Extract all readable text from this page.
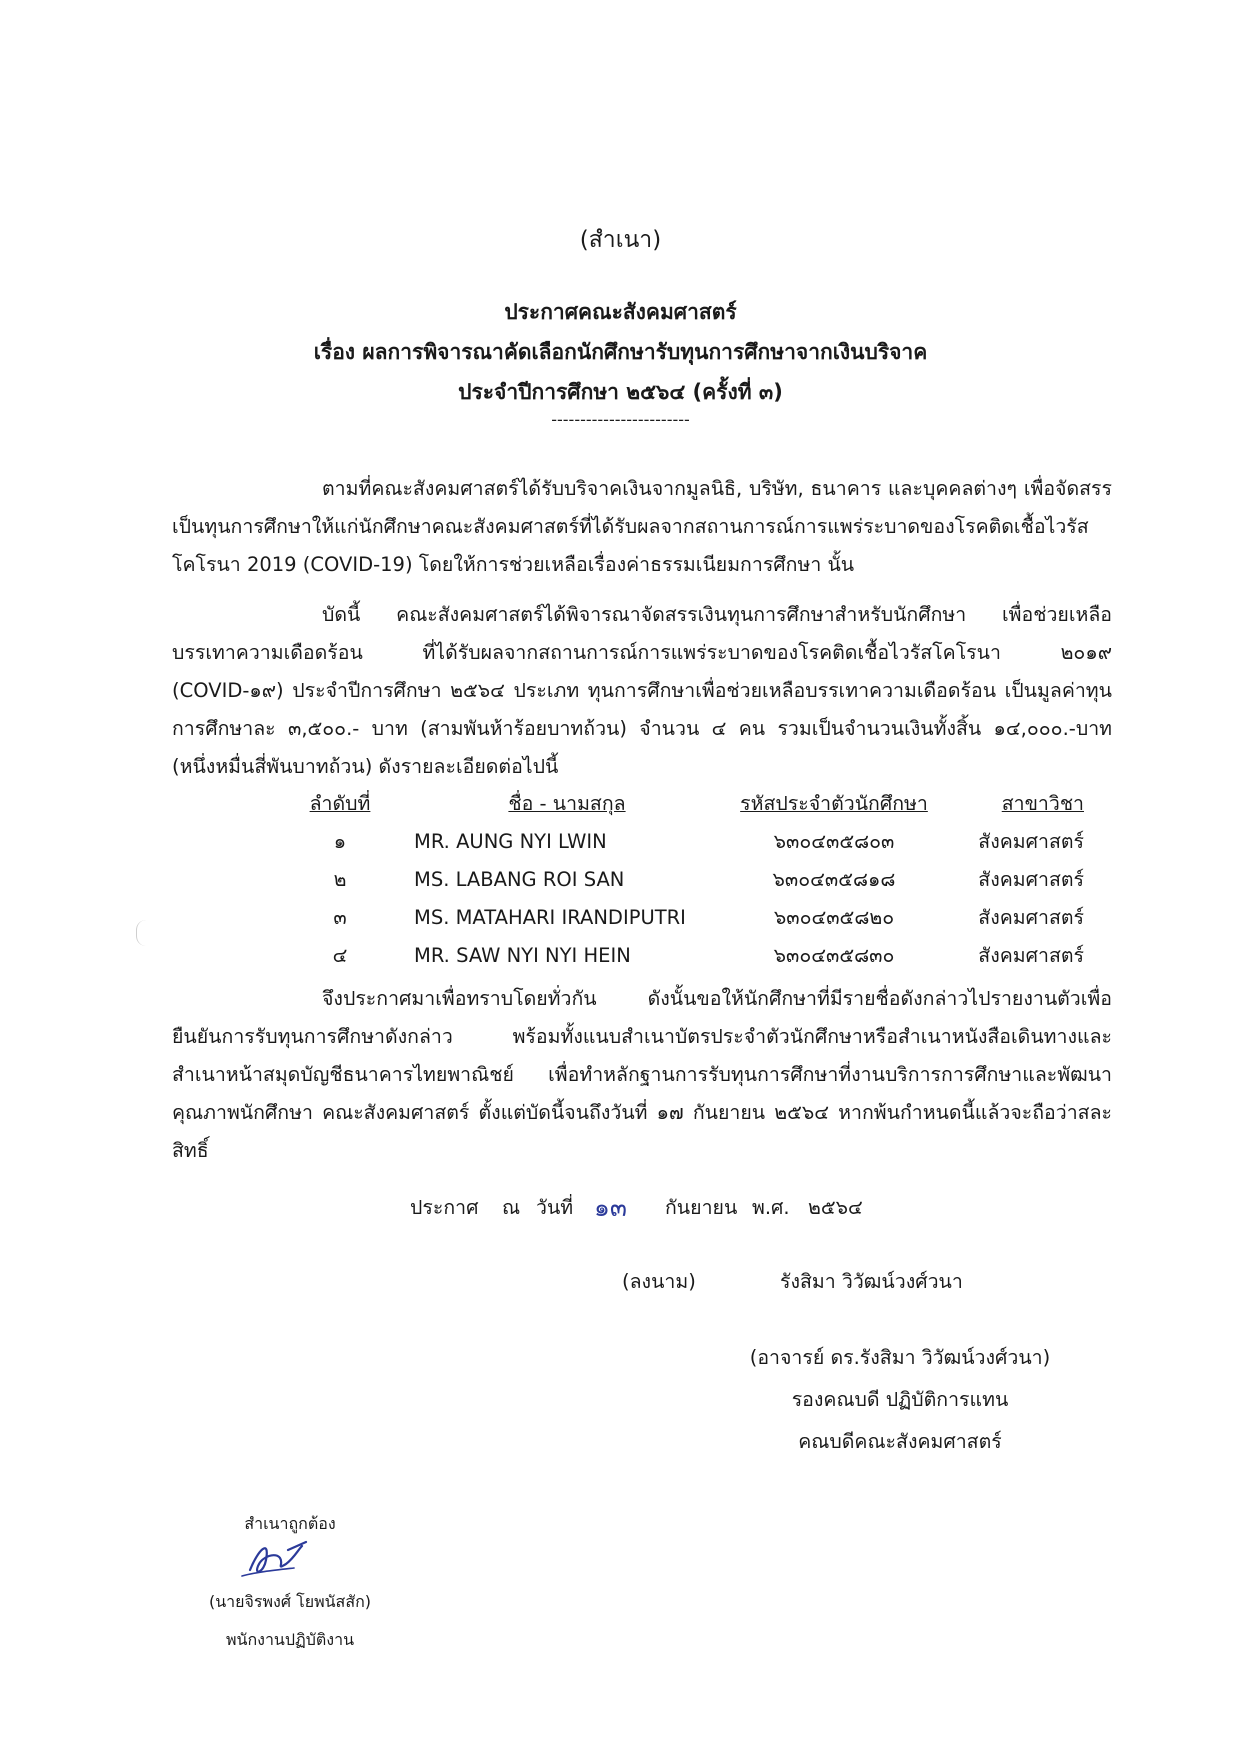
(สำเนา)
ประกาศคณะสังคมศาสตร์
เรื่อง ผลการพิจารณาคัดเลือกนักศึกษารับทุนการศึกษาจากเงินบริจาค
ประจำปีการศึกษา ๒๕๖๔ (ครั้งที่ ๓)
------------------------
ตามที่คณะสังคมศาสตร์ได้รับบริจาคเงินจากมูลนิธิ, บริษัท, ธนาคาร และบุคคลต่างๆ เพื่อจัดสรรเป็นทุนการศึกษาให้แก่นักศึกษาคณะสังคมศาสตร์ที่ได้รับผลจากสถานการณ์การแพร่ระบาดของโรคติดเชื้อไวรัสโคโรนา 2019 (COVID-19) โดยให้การช่วยเหลือเรื่องค่าธรรมเนียมการศึกษา นั้น
บัดนี้ คณะสังคมศาสตร์ได้พิจารณาจัดสรรเงินทุนการศึกษาสำหรับนักศึกษา เพื่อช่วยเหลือบรรเทาความเดือดร้อน ที่ได้รับผลจากสถานการณ์การแพร่ระบาดของโรคติดเชื้อไวรัสโคโรนา ๒๐๑๙ (COVID-๑๙) ประจำปีการศึกษา ๒๕๖๔ ประเภท ทุนการศึกษาเพื่อช่วยเหลือบรรเทาความเดือดร้อน เป็นมูลค่าทุนการศึกษาละ ๓,๕๐๐.- บาท (สามพันห้าร้อยบาทถ้วน) จำนวน ๔ คน รวมเป็นจำนวนเงินทั้งสิ้น ๑๔,๐๐๐.-บาท (หนึ่งหมื่นสี่พันบาทถ้วน) ดังรายละเอียดต่อไปนี้
ลำดับที่	ชื่อ - นามสกุล	รหัสประจำตัวนักศึกษา	สาขาวิชา
๑	MR. AUNG NYI LWIN	๖๓๐๔๓๕๘๐๓	สังคมศาสตร์
๒	MS. LABANG ROI SAN	๖๓๐๔๓๕๘๑๘	สังคมศาสตร์
๓	MS. MATAHARI IRANDIPUTRI	๖๓๐๔๓๕๘๒๐	สังคมศาสตร์
๔	MR. SAW NYI NYI HEIN	๖๓๐๔๓๕๘๓๐	สังคมศาสตร์
จึงประกาศมาเพื่อทราบโดยทั่วกัน ดังนั้นขอให้นักศึกษาที่มีรายชื่อดังกล่าวไปรายงานตัวเพื่อยืนยันการรับทุนการศึกษาดังกล่าว พร้อมทั้งแนบสำเนาบัตรประจำตัวนักศึกษาหรือสำเนาหนังสือเดินทางและสำเนาหน้าสมุดบัญชีธนาคารไทยพาณิชย์ เพื่อทำหลักฐานการรับทุนการศึกษาที่งานบริการการศึกษาและพัฒนาคุณภาพนักศึกษา คณะสังคมศาสตร์ ตั้งแต่บัดนี้จนถึงวันที่ ๑๗ กันยายน ๒๕๖๔ หากพ้นกำหนดนี้แล้วจะถือว่าสละสิทธิ์
ประกาศ ณ วันที่ ๑๓ กันยายน พ.ศ. ๒๕๖๔
(ลงนาม)	รังสิมา วิวัฒน์วงศ์วนา
(อาจารย์ ดร.รังสิมา วิวัฒน์วงศ์วนา)
รองคณบดี ปฏิบัติการแทน
คณบดีคณะสังคมศาสตร์
สำเนาถูกต้อง
(นายจิรพงศ์ โยพนัสสัก)
พนักงานปฏิบัติงาน
